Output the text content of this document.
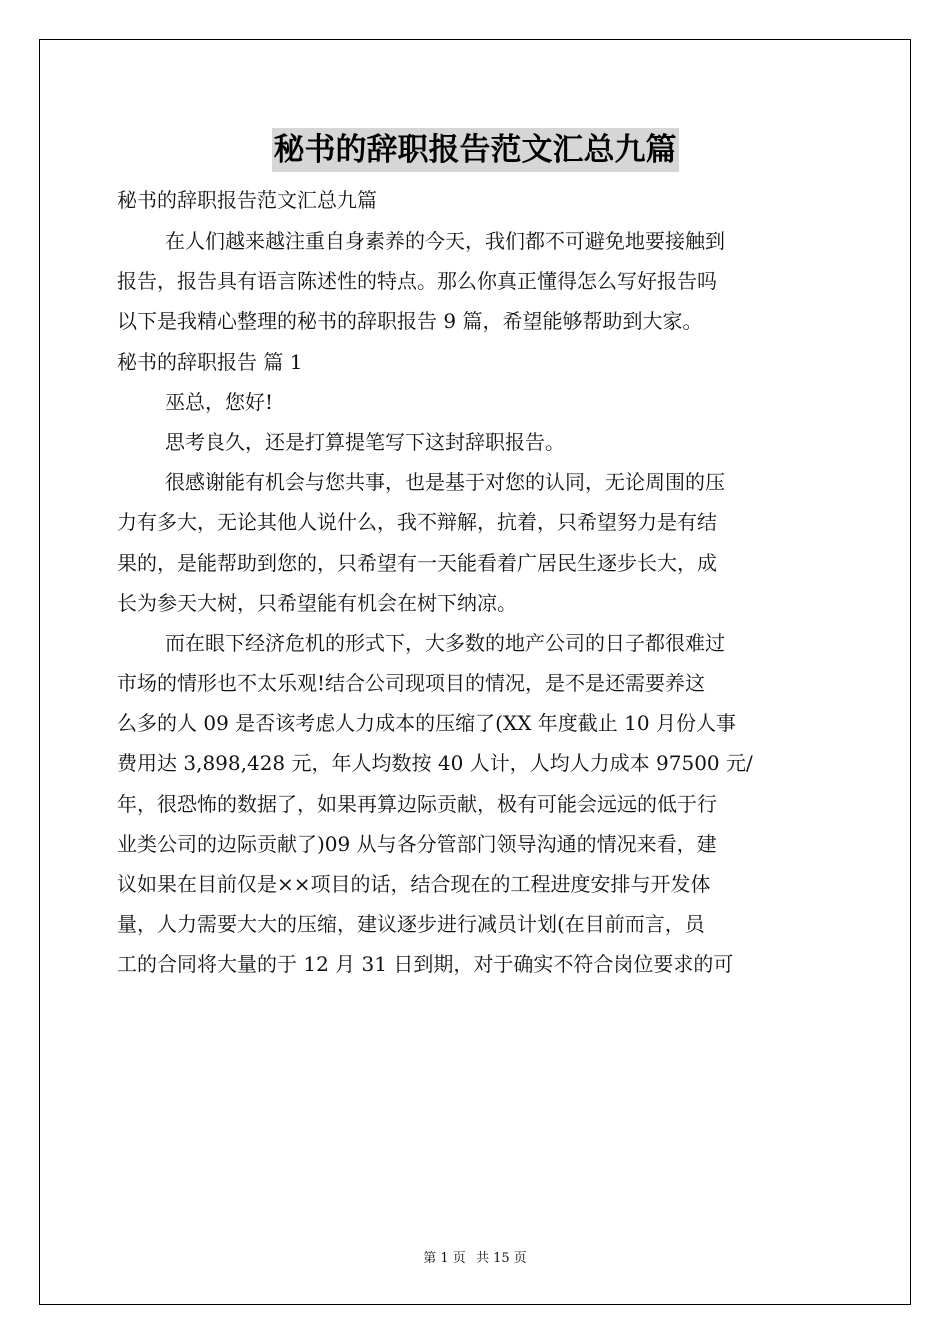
秘书的辞职报告范文汇总九篇
秘书的辞职报告范文汇总九篇
在人们越来越注重自身素养的今天，我们都不可避免地要接触到
报告，报告具有语言陈述性的特点。那么你真正懂得怎么写好报告吗
以下是我精心整理的秘书的辞职报告 9 篇，希望能够帮助到大家。
秘书的辞职报告 篇 1
巫总，您好!
思考良久，还是打算提笔写下这封辞职报告。
很感谢能有机会与您共事，也是基于对您的认同，无论周围的压
力有多大，无论其他人说什么，我不辩解，抗着，只希望努力是有结
果的，是能帮助到您的，只希望有一天能看着广居民生逐步长大，成
长为参天大树，只希望能有机会在树下纳凉。
而在眼下经济危机的形式下，大多数的地产公司的日子都很难过
市场的情形也不太乐观!结合公司现项目的情况，是不是还需要养这
么多的人 09 是否该考虑人力成本的压缩了(XX 年度截止 10 月份人事
费用达 3,898,428 元，年人均数按 40 人计，人均人力成本 97500 元/
年，很恐怖的数据了，如果再算边际贡献，极有可能会远远的低于行
业类公司的边际贡献了)09 从与各分管部门领导沟通的情况来看，建
议如果在目前仅是××项目的话，结合现在的工程进度安排与开发体
量，人力需要大大的压缩，建议逐步进行减员计划(在目前而言，员
工的合同将大量的于 12 月 31 日到期，对于确实不符合岗位要求的可
第 1 页 共 15 页
